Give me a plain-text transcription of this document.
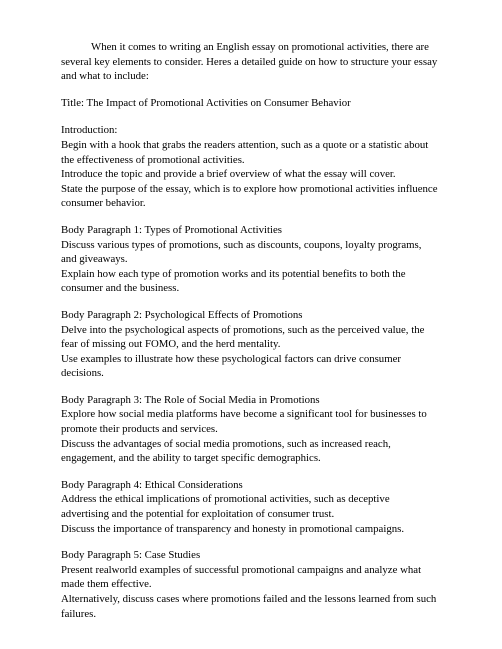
When it comes to writing an English essay on promotional activities, there are several key elements to consider. Heres a detailed guide on how to structure your essay and what to include:

Title: The Impact of Promotional Activities on Consumer Behavior

Introduction:

Begin with a hook that grabs the readers attention, such as a quote or a statistic about the effectiveness of promotional activities.

Introduce the topic and provide a brief overview of what the essay will cover.

State the purpose of the essay, which is to explore how promotional activities influence consumer behavior.

Body Paragraph 1: Types of Promotional Activities

Discuss various types of promotions, such as discounts, coupons, loyalty programs, and giveaways.

Explain how each type of promotion works and its potential benefits to both the consumer and the business.

Body Paragraph 2: Psychological Effects of Promotions

Delve into the psychological aspects of promotions, such as the perceived value, the fear of missing out FOMO, and the herd mentality.

Use examples to illustrate how these psychological factors can drive consumer decisions.

Body Paragraph 3: The Role of Social Media in Promotions

Explore how social media platforms have become a significant tool for businesses to promote their products and services.

Discuss the advantages of social media promotions, such as increased reach, engagement, and the ability to target specific demographics.

Body Paragraph 4: Ethical Considerations

Address the ethical implications of promotional activities, such as deceptive advertising and the potential for exploitation of consumer trust.

Discuss the importance of transparency and honesty in promotional campaigns.

Body Paragraph 5: Case Studies

Present realworld examples of successful promotional campaigns and analyze what made them effective.

Alternatively, discuss cases where promotions failed and the lessons learned from such failures.
